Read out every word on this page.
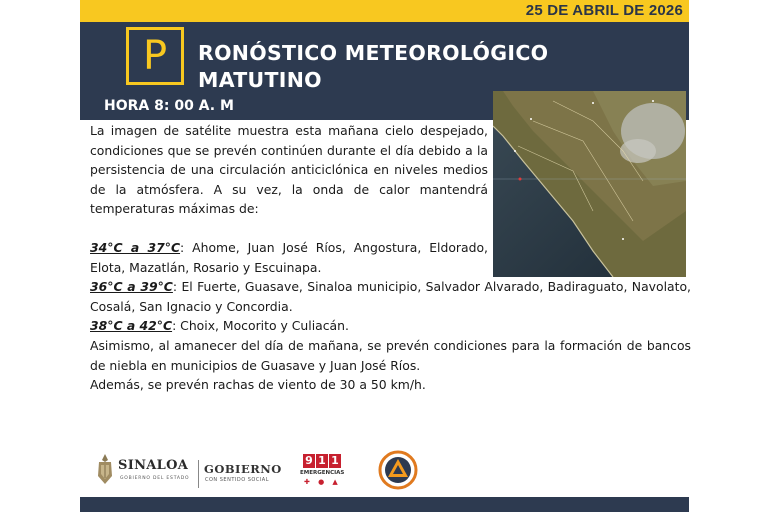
25 DE ABRIL DE 2026
P RONÓSTICO METEOROLÓGICO MATUTINO
HORA 8: 00 A. M

La imagen de satélite muestra esta mañana cielo despejado, condiciones que se prevén continúen durante el día debido a la persistencia de una circulación anticiclónica en niveles medios de la atmósfera. A su vez, la onda de calor mantendrá temperaturas máximas de:

34°C a 37°C: Ahome, Juan José Ríos, Angostura, Eldorado, Elota, Mazatlán, Rosario y Escuinapa.

36°C a 39°C: El Fuerte, Guasave, Sinaloa municipio, Salvador Alvarado, Badiraguato, Navolato, Cosalá, San Ignacio y Concordia.

38°C a 42°C: Choix, Mocorito y Culiacán.

Asimismo, al amanecer del día de mañana, se prevén condiciones para la formación de bancos de niebla en municipios de Guasave y Juan José Ríos.

Además, se prevén rachas de viento de 30 a 50 km/h.

SINALOA
GOBIERNO DEL ESTADO
GOBIERNO
CON SENTIDO SOCIAL
9 1 1
EMERGENCIAS
✚ ● ▲
